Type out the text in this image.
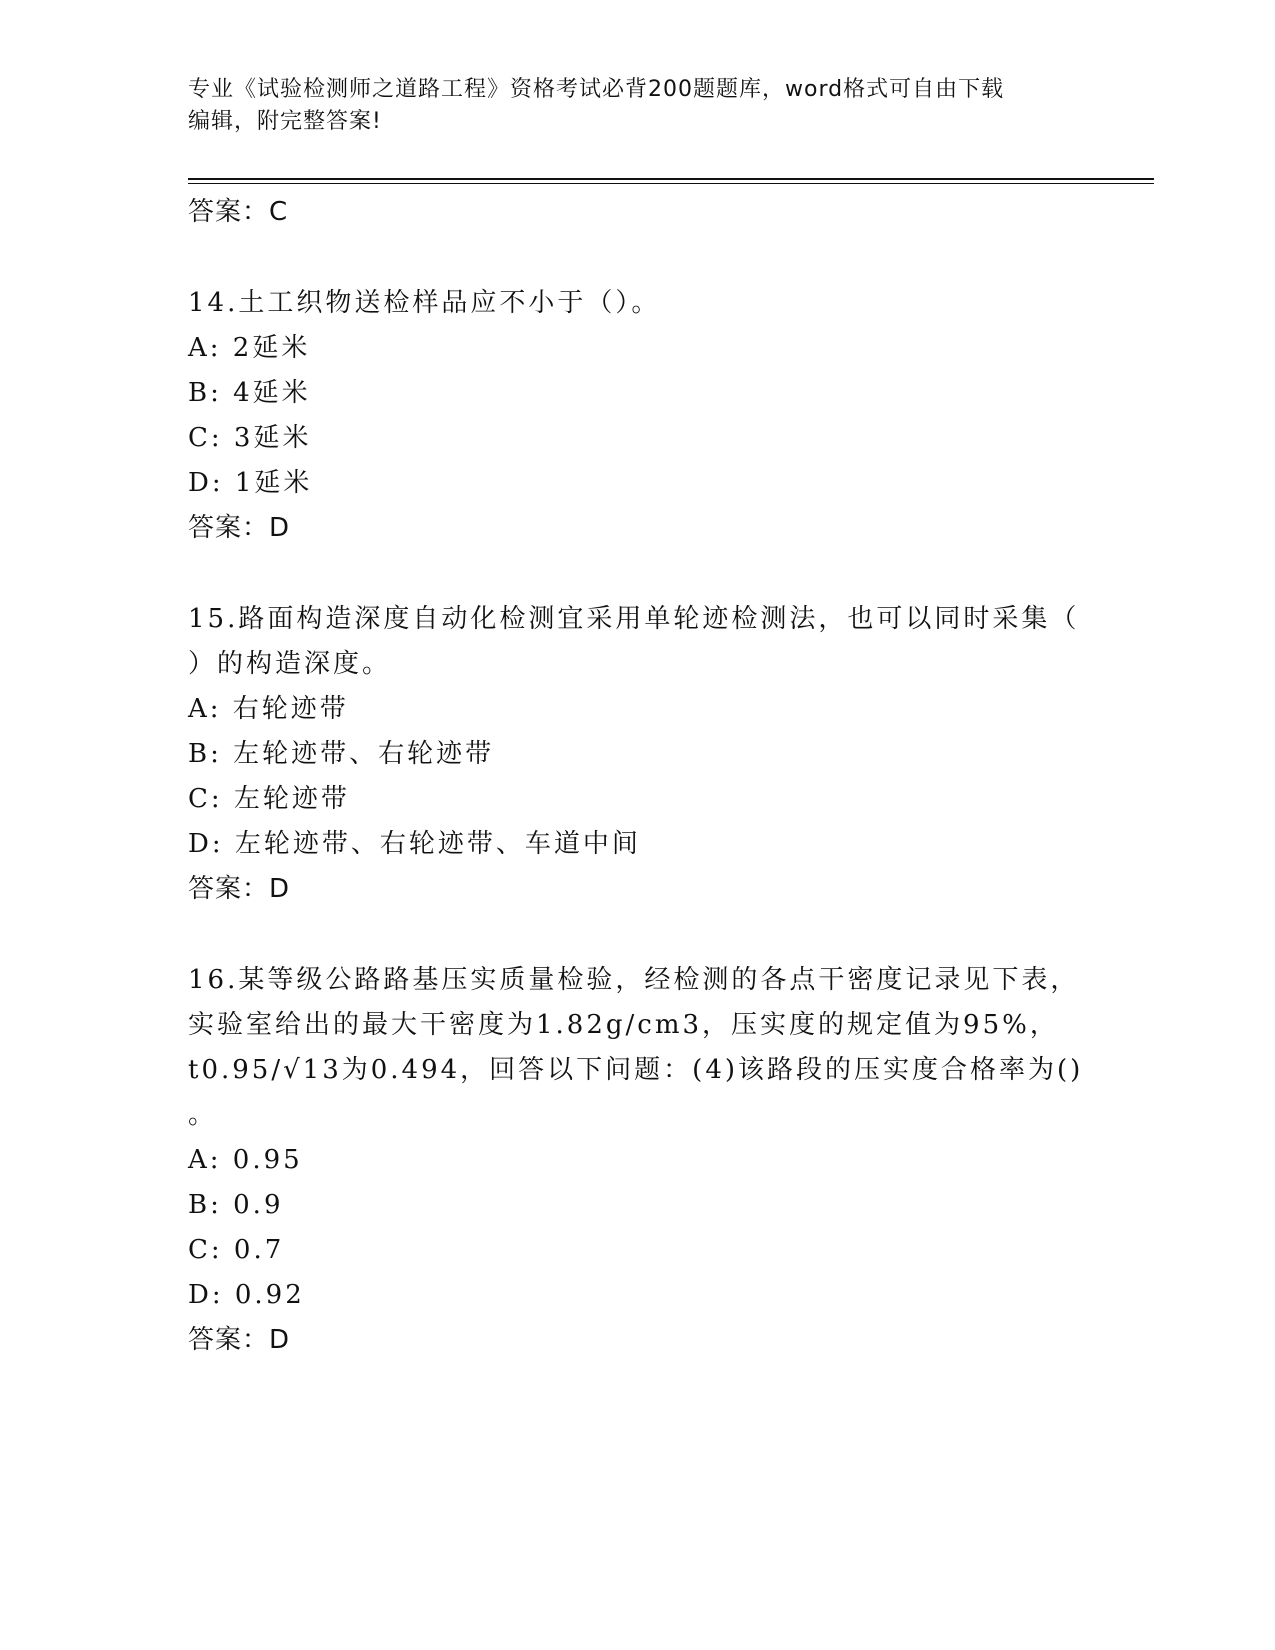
专业《试验检测师之道路工程》资格考试必背200题题库，word格式可自由下载
编辑，附完整答案!
答案：C
14.土工织物送检样品应不小于（）。
A: 2延米
B: 4延米
C: 3延米
D: 1延米
答案：D
15.路面构造深度自动化检测宜采用单轮迹检测法，也可以同时采集（
）的构造深度。
A: 右轮迹带
B: 左轮迹带、右轮迹带
C: 左轮迹带
D: 左轮迹带、右轮迹带、车道中间
答案：D
16.某等级公路路基压实质量检验，经检测的各点干密度记录见下表，
实验室给出的最大干密度为1.82g/cm3，压实度的规定值为95%，
t0.95/√13为0.494，回答以下问题：(4)该路段的压实度合格率为()
。
A: 0.95
B: 0.9
C: 0.7
D: 0.92
答案：D
